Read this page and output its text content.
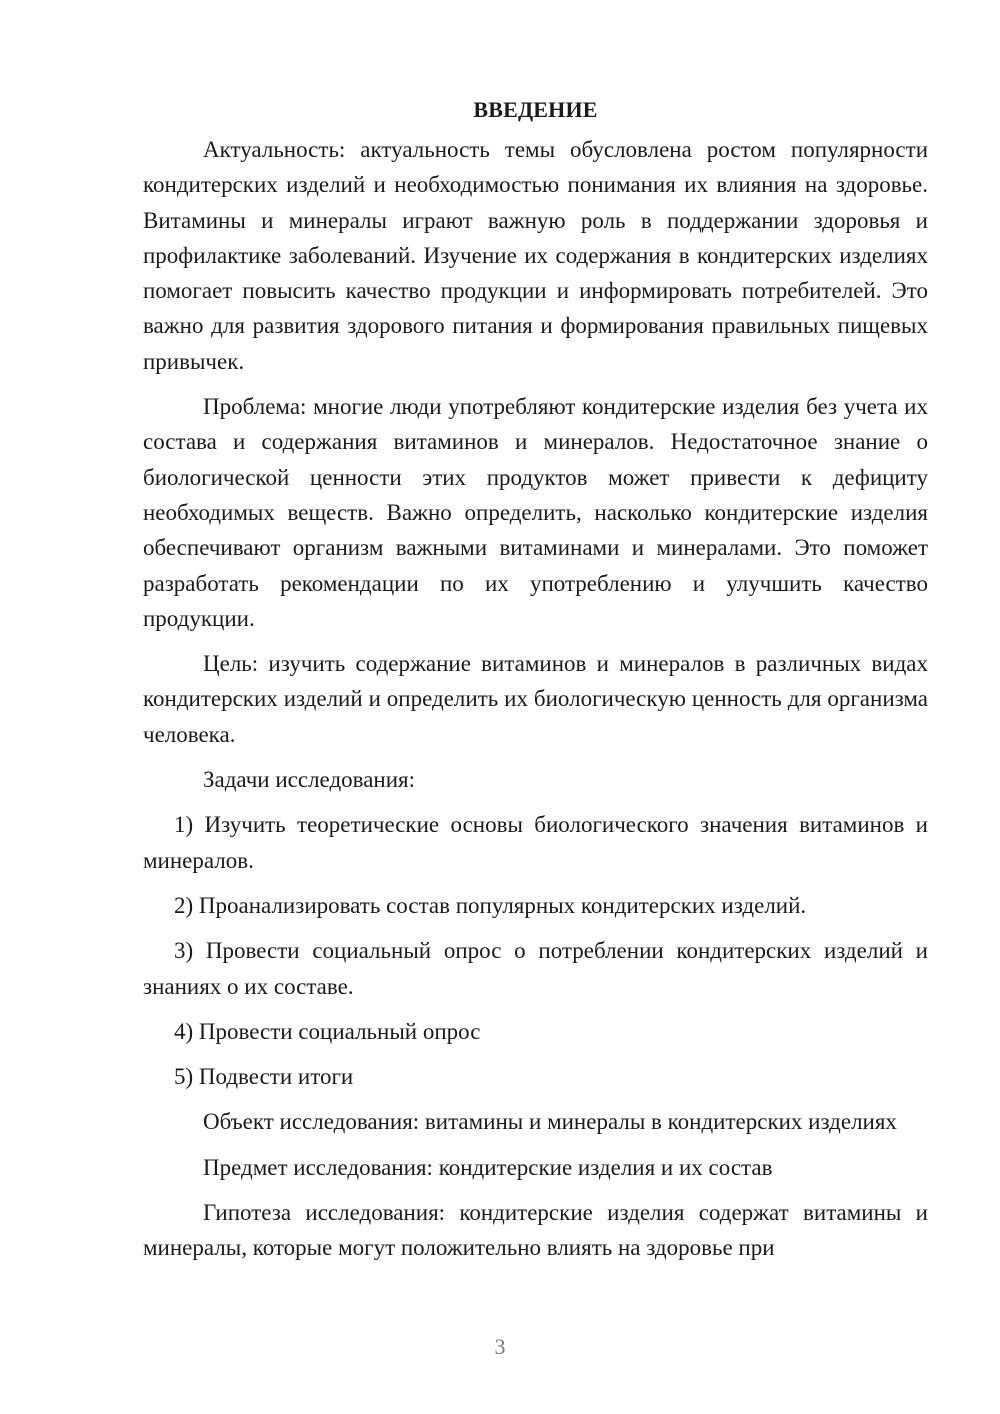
ВВЕДЕНИЕ

Актуальность: актуальность темы обусловлена ростом популярности кондитерских изделий и необходимостью понимания их влияния на здоровье. Витамины и минералы играют важную роль в поддержании здоровья и профилактике заболеваний. Изучение их содержания в кондитерских изделиях помогает повысить качество продукции и информировать потребителей. Это важно для развития здорового питания и формирования правильных пищевых привычек.

Проблема: многие люди употребляют кондитерские изделия без учета их состава и содержания витаминов и минералов. Недостаточное знание о биологической ценности этих продуктов может привести к дефициту необходимых веществ. Важно определить, насколько кондитерские изделия обеспечивают организм важными витаминами и минералами. Это поможет разработать рекомендации по их употреблению и улучшить качество продукции.

Цель: изучить содержание витаминов и минералов в различных видах кондитерских изделий и определить их биологическую ценность для организма человека.

Задачи исследования:

1) Изучить теоретические основы биологического значения витаминов и минералов.

2) Проанализировать состав популярных кондитерских изделий.

3) Провести социальный опрос о потреблении кондитерских изделий и знаниях о их составе.

4) Провести социальный опрос

5) Подвести итоги

Объект исследования: витамины и минералы в кондитерских изделиях

Предмет исследования: кондитерские изделия и их состав

Гипотеза исследования: кондитерские изделия содержат витамины и минералы, которые могут положительно влиять на здоровье при

3
